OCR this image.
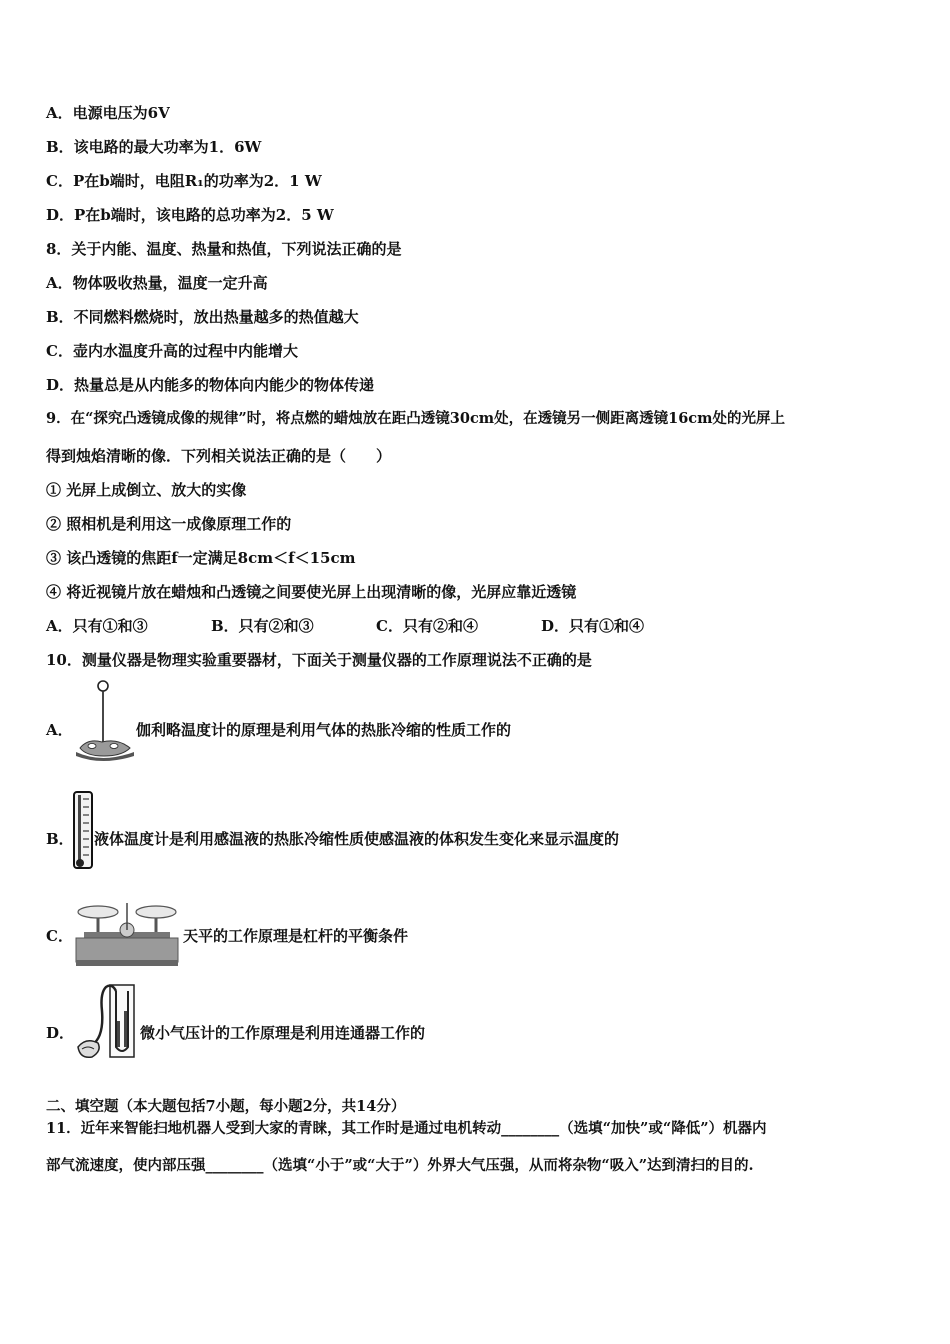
A．电源电压为6V
B．该电路的最大功率为1．6W
C．P在b端时，电阻R₁的功率为2．1 W
D．P在b端时，该电路的总功率为2．5 W
8．关于内能、温度、热量和热值，下列说法正确的是
A．物体吸收热量，温度一定升高
B．不同燃料燃烧时，放出热量越多的热值越大
C．壶内水温度升高的过程中内能增大
D．热量总是从内能多的物体向内能少的物体传递
9．在“探究凸透镜成像的规律”时，将点燃的蜡烛放在距凸透镜30cm处，在透镜另一侧距离透镜16cm处的光屏上
得到烛焰清晰的像．下列相关说法正确的是（　　）
① 光屏上成倒立、放大的实像
② 照相机是利用这一成像原理工作的
③ 该凸透镜的焦距f一定满足8cm＜f＜15cm
④ 将近视镜片放在蜡烛和凸透镜之间要使光屏上出现清晰的像，光屏应靠近透镜
A．只有①和③	B．只有②和③	C．只有②和④	D．只有①和④
10．测量仪器是物理实验重要器材，下面关于测量仪器的工作原理说法不正确的是
A．	伽利略温度计的原理是利用气体的热胀冷缩的性质工作的
B． 液体温度计是利用感温液的热胀冷缩性质使感温液的体积发生变化来显示温度的
C．	天平的工作原理是杠杆的平衡条件
D．	微小气压计的工作原理是利用连通器工作的
二、填空题（本大题包括7小题，每小题2分，共14分）
11．近年来智能扫地机器人受到大家的青睐，其工作时是通过电机转动________（选填“加快”或“降低”）机器内
部气流速度，使内部压强________（选填“小于”或“大于”）外界大气压强，从而将杂物“吸入”达到清扫的目的.
